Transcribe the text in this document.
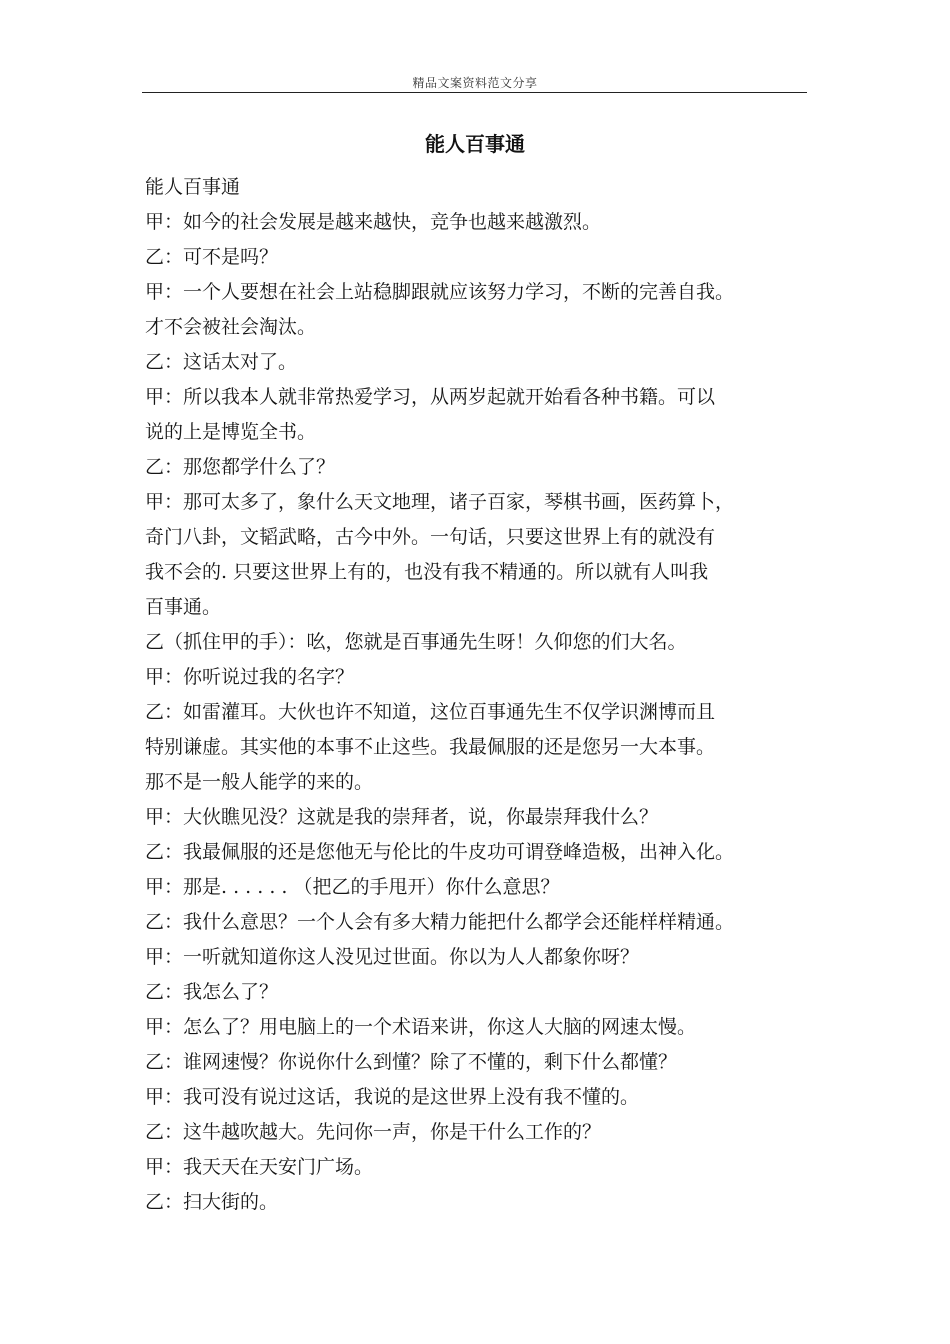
精品文案资料范文分享
能人百事通
能人百事通
甲：如今的社会发展是越来越快，竞争也越来越激烈。
乙：可不是吗？
甲：一个人要想在社会上站稳脚跟就应该努力学习，不断的完善自我。
才不会被社会淘汰。
乙：这话太对了。
甲：所以我本人就非常热爱学习，从两岁起就开始看各种书籍。可以
说的上是博览全书。
乙：那您都学什么了？
甲：那可太多了，象什么天文地理，诸子百家，琴棋书画，医药算卜，
奇门八卦，文韬武略，古今中外。一句话，只要这世界上有的就没有
我不会的. 只要这世界上有的，也没有我不精通的。所以就有人叫我
百事通。
乙（抓住甲的手）：吆，您就是百事通先生呀！久仰您的们大名。
甲：你听说过我的名字？
乙：如雷灌耳。大伙也许不知道，这位百事通先生不仅学识渊博而且
特别谦虚。其实他的本事不止这些。我最佩服的还是您另一大本事。
那不是一般人能学的来的。
甲：大伙瞧见没？这就是我的崇拜者，说，你最崇拜我什么？
乙：我最佩服的还是您他无与伦比的牛皮功可谓登峰造极，出神入化。
甲：那是. . . . . . （把乙的手甩开）你什么意思？
乙：我什么意思？一个人会有多大精力能把什么都学会还能样样精通。
甲：一听就知道你这人没见过世面。你以为人人都象你呀？
乙：我怎么了？
甲：怎么了？用电脑上的一个术语来讲，你这人大脑的网速太慢。
乙：谁网速慢？你说你什么到懂？除了不懂的，剩下什么都懂？
甲：我可没有说过这话，我说的是这世界上没有我不懂的。
乙：这牛越吹越大。先问你一声，你是干什么工作的？
甲：我天天在天安门广场。
乙：扫大街的。
